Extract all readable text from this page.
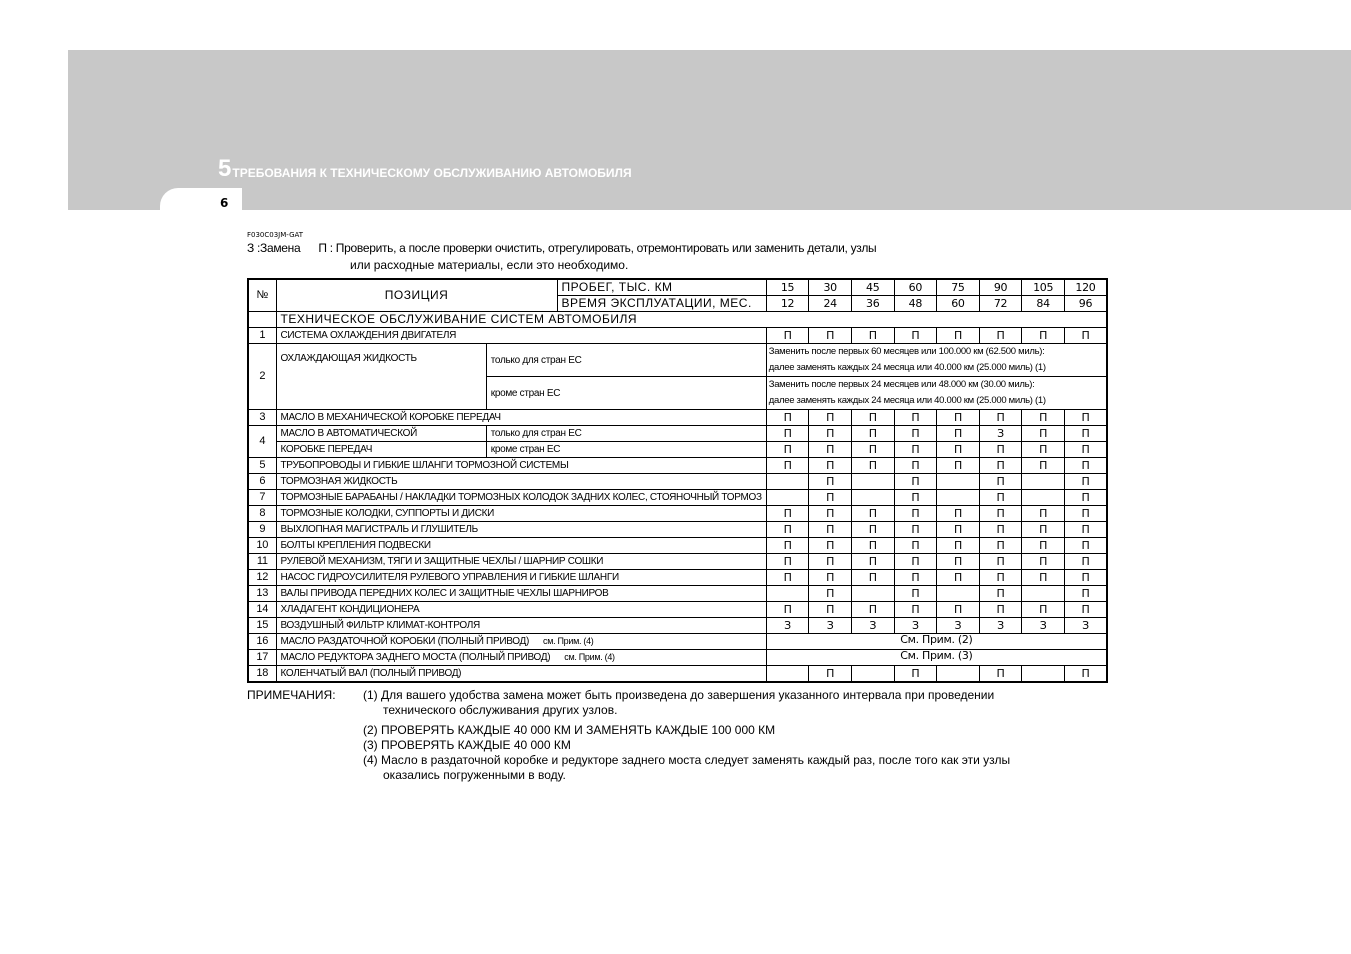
5 ТРЕБОВАНИЯ К ТЕХНИЧЕСКОМУ ОБСЛУЖИВАНИЮ АВТОМОБИЛЯ
6
F030C03JM-GAT
З :Замена П : Проверить, а после проверки очистить, отрегулировать, отремонтировать или заменить детали, узлы
или расходные материалы, если это необходимо.
№	ПОЗИЦИЯ		ПРОБЕГ, ТЫС. КМ	15	30	45	60	75	90	105	120
			ВРЕМЯ ЭКСПЛУАТАЦИИ, МЕС.	12	24	36	48	60	72	84	96
	ТЕХНИЧЕСКОЕ ОБСЛУЖИВАНИЕ СИСТЕМ АВТОМОБИЛЯ										
1	СИСТЕМА ОХЛАЖДЕНИЯ ДВИГАТЕЛЯ			П	П	П	П	П	П	П	П
2	ОХЛАЖДАЮЩАЯ ЖИДКОСТЬ	только для стран ЕС		Заменить после первых 60 месяцев или 100.000 км (62.500 миль):
далее заменять каждых 24 месяца или 40.000 км (25.000 миль) (1)							

		кроме стран ЕС		Заменить после первых 24 месяцев или 48.000 км (30.00 миль):
далее заменять каждых 24 месяца или 40.000 км (25.000 миль) (1)							

3	МАСЛО В МЕХАНИЧЕСКОЙ КОРОБКЕ ПЕРЕДАЧ			П	П	П	П	П	П	П	П
4	МАСЛО В АВТОМАТИЧЕСКОЙ	только для стран ЕС		П	П	П	П	П	З	П	П
	КОРОБКЕ ПЕРЕДАЧ	кроме стран ЕС		П	П	П	П	П	П	П	П
5	ТРУБОПРОВОДЫ И ГИБКИЕ ШЛАНГИ ТОРМОЗНОЙ СИСТЕМЫ			П	П	П	П	П	П	П	П
6	ТОРМОЗНАЯ ЖИДКОСТЬ				П		П		П		П
7	ТОРМОЗНЫЕ БАРАБАНЫ / НАКЛАДКИ ТОРМОЗНЫХ КОЛОДОК ЗАДНИХ КОЛЕС, СТОЯНОЧНЫЙ ТОРМОЗ				П		П		П		П
8	ТОРМОЗНЫЕ КОЛОДКИ, СУППОРТЫ И ДИСКИ			П	П	П	П	П	П	П	П
9	ВЫХЛОПНАЯ МАГИСТРАЛЬ И ГЛУШИТЕЛЬ			П	П	П	П	П	П	П	П
10	БОЛТЫ КРЕПЛЕНИЯ ПОДВЕСКИ			П	П	П	П	П	П	П	П
11	РУЛЕВОЙ МЕХАНИЗМ, ТЯГИ И ЗАЩИТНЫЕ ЧЕХЛЫ / ШАРНИР СОШКИ			П	П	П	П	П	П	П	П
12	НАСОС ГИДРОУСИЛИТЕЛЯ РУЛЕВОГО УПРАВЛЕНИЯ И ГИБКИЕ ШЛАНГИ			П	П	П	П	П	П	П	П
13	ВАЛЫ ПРИВОДА ПЕРЕДНИХ КОЛЕС И ЗАЩИТНЫЕ ЧЕХЛЫ ШАРНИРОВ				П		П		П		П
14	ХЛАДАГЕНТ КОНДИЦИОНЕРА			П	П	П	П	П	П	П	П
15	ВОЗДУШНЫЙ ФИЛЬТР КЛИМАТ-КОНТРОЛЯ			З	З	З	З	З	З	З	З
16	МАСЛО РАЗДАТОЧНОЙ КОРОБКИ (ПОЛНЫЙ ПРИВОД) см. Прим. (4)			См. Прим. (2)							
17	МАСЛО РЕДУКТОРА ЗАДНЕГО МОСТА (ПОЛНЫЙ ПРИВОД) см. Прим. (4)			См. Прим. (3)							
18	КОЛЕНЧАТЫЙ ВАЛ (ПОЛНЫЙ ПРИВОД)				П		П		П		П
ПРИМЕЧАНИЯ: (1) Для вашего удобства замена может быть произведена до завершения указанного интервала при проведении
технического обслуживания других узлов.
(2) ПРОВЕРЯТЬ КАЖДЫЕ 40 000 КМ И ЗАМЕНЯТЬ КАЖДЫЕ 100 000 КМ
(3) ПРОВЕРЯТЬ КАЖДЫЕ 40 000 КМ
(4) Масло в раздаточной коробке и редукторе заднего моста следует заменять каждый раз, после того как эти узлы
оказались погруженными в воду.
